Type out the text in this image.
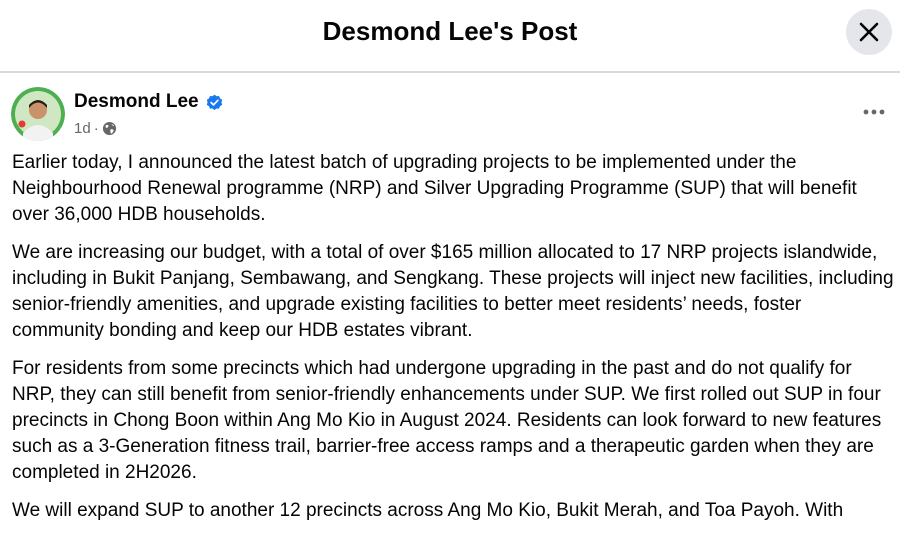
Desmond Lee's Post
Desmond Lee
1d ·

Earlier today, I announced the latest batch of upgrading projects to be implemented under the Neighbourhood Renewal programme (NRP) and Silver Upgrading Programme (SUP) that will benefit over 36,000 HDB households.

We are increasing our budget, with a total of over $165 million allocated to 17 NRP projects islandwide, including in Bukit Panjang, Sembawang, and Sengkang. These projects will inject new facilities, including senior-friendly amenities, and upgrade existing facilities to better meet residents’ needs, foster community bonding and keep our HDB estates vibrant.

For residents from some precincts which had undergone upgrading in the past and do not qualify for NRP, they can still benefit from senior-friendly enhancements under SUP. We first rolled out SUP in four precincts in Chong Boon within Ang Mo Kio in August 2024. Residents can look forward to new features such as a 3-Generation fitness trail, barrier-free access ramps and a therapeutic garden when they are completed in 2H2026.

We will expand SUP to another 12 precincts across Ang Mo Kio, Bukit Merah, and Toa Payoh. With
